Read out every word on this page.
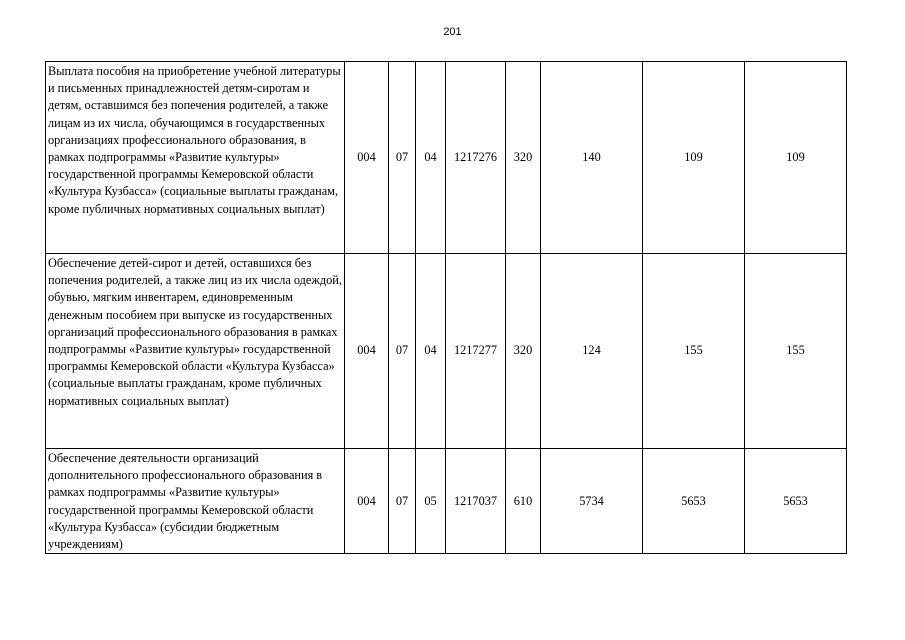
201
Выплата пособия на приобретение учебной литературы и письменных принадлежностей детям-сиротам и детям, оставшимся без попечения родителей, а также лицам из их числа, обучающимся в государственных организациях профессионального образования, в рамках подпрограммы «Развитие культуры» государственной программы Кемеровской области «Культура Кузбасса» (социальные выплаты гражданам, кроме публичных нормативных социальных выплат)	004	07	04	1217276	320	140	109	109
Обеспечение детей-сирот и детей, оставшихся без попечения родителей, а также лиц из их числа одеждой, обувью, мягким инвентарем, единовременным денежным пособием при выпуске из государственных организаций профессионального образования в рамках подпрограммы «Развитие культуры» государственной программы Кемеровской области «Культура Кузбасса» (социальные выплаты гражданам, кроме публичных нормативных социальных выплат)	004	07	04	1217277	320	124	155	155
Обеспечение деятельности организаций дополнительного профессионального образования в рамках подпрограммы «Развитие культуры» государственной программы Кемеровской области «Культура Кузбасса» (субсидии бюджетным учреждениям)	004	07	05	1217037	610	5734	5653	5653
